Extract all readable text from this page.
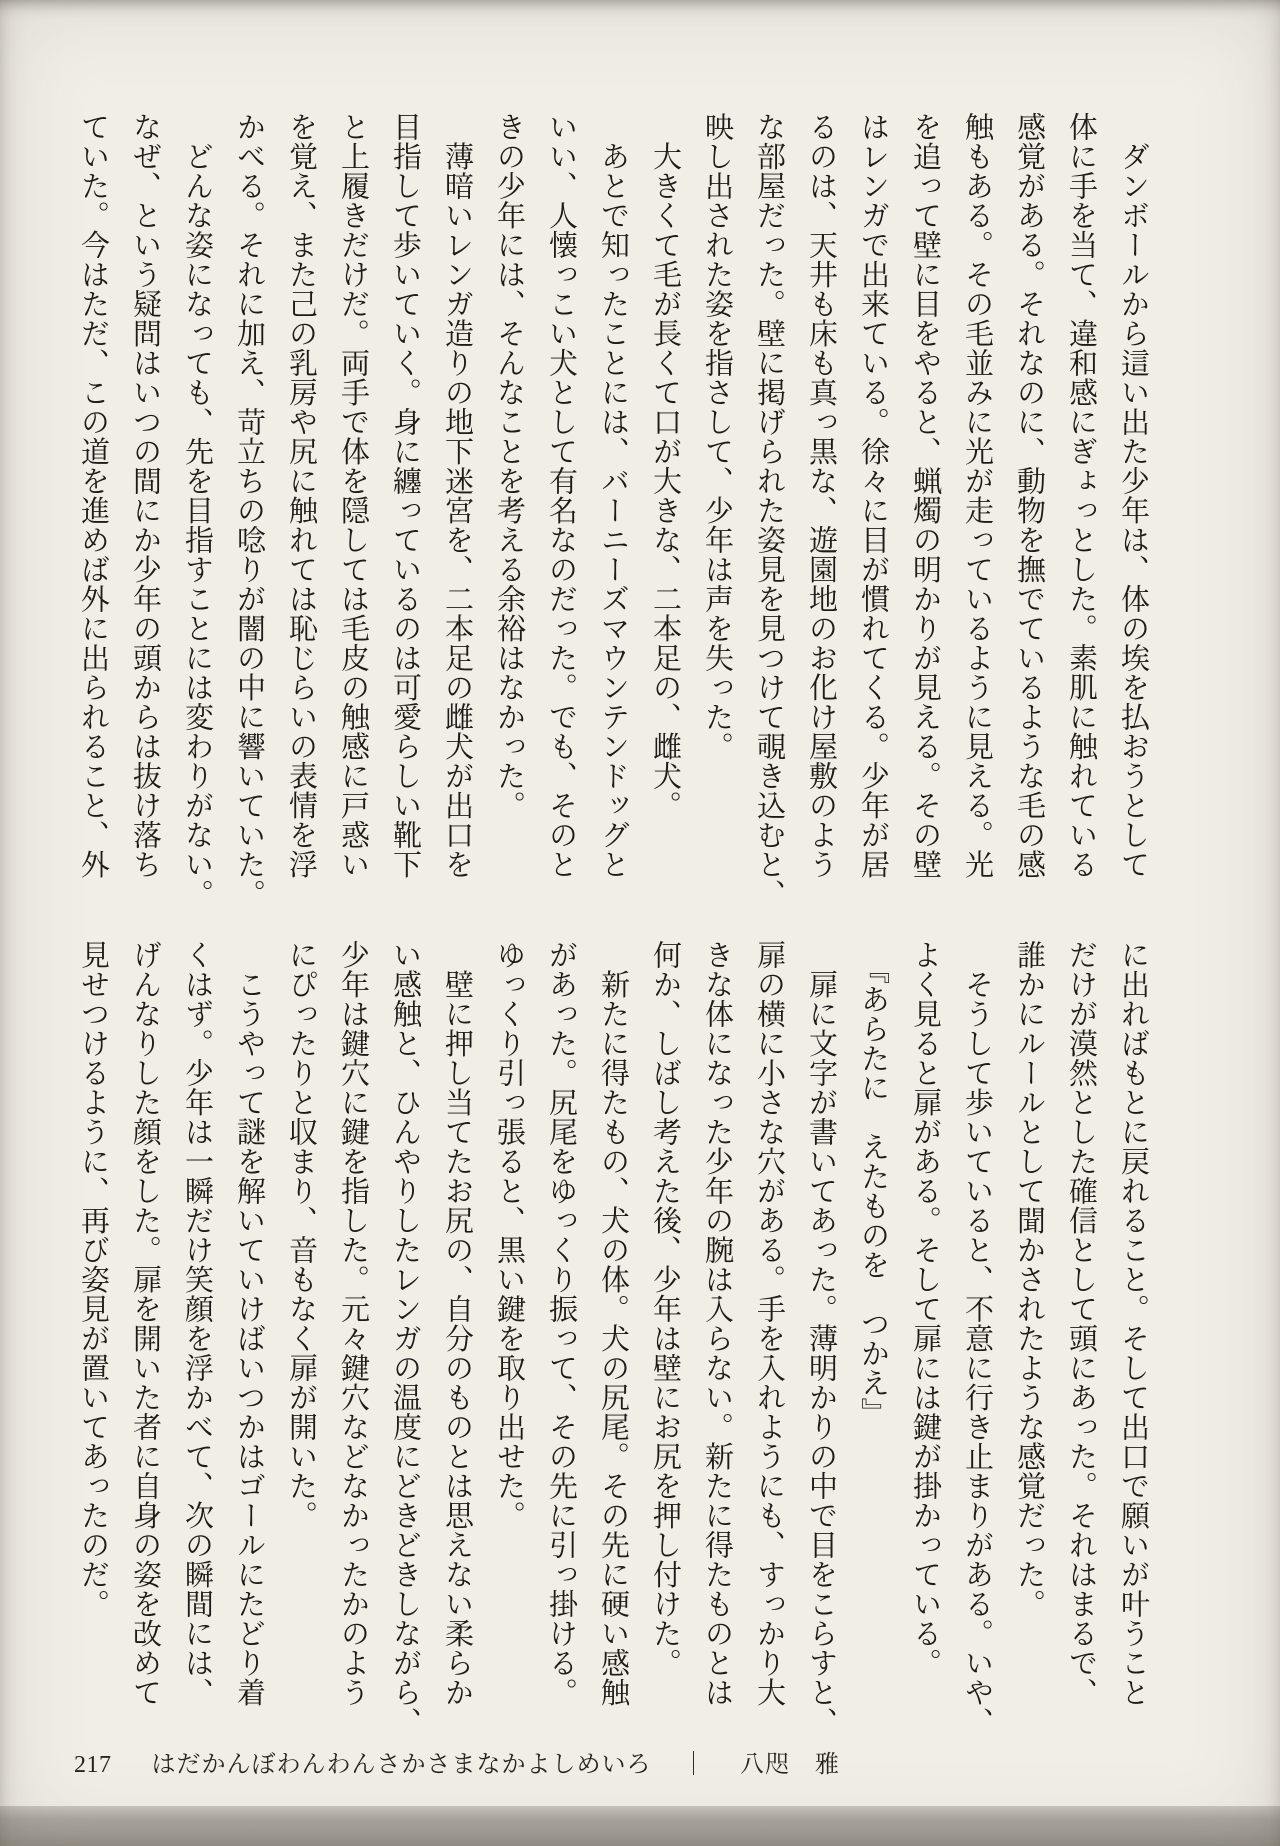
　ダンボールから這い出た少年は、体の埃を払おうとして
体に手を当て、違和感にぎょっとした。素肌に触れている
感覚がある。それなのに、動物を撫でているような毛の感
触もある。その毛並みに光が走っているように見える。光
を追って壁に目をやると、蝋燭の明かりが見える。その壁
はレンガで出来ている。徐々に目が慣れてくる。少年が居
るのは、天井も床も真っ黒な、遊園地のお化け屋敷のよう
な部屋だった。壁に掲げられた姿見を見つけて覗き込むと、
映し出された姿を指さして、少年は声を失った。
　大きくて毛が長くて口が大きな、二本足の、雌犬。
　あとで知ったことには、バーニーズマウンテンドッグと
いい、人懐っこい犬として有名なのだった。でも、そのと
きの少年には、そんなことを考える余裕はなかった。
　薄暗いレンガ造りの地下迷宮を、二本足の雌犬が出口を
目指して歩いていく。身に纏っているのは可愛らしい靴下
と上履きだけだ。両手で体を隠しては毛皮の触感に戸惑い
を覚え、また己の乳房や尻に触れては恥じらいの表情を浮
かべる。それに加え、苛立ちの唸りが闇の中に響いていた。
　どんな姿になっても、先を目指すことには変わりがない。
なぜ、という疑問はいつの間にか少年の頭からは抜け落ち
ていた。今はただ、この道を進めば外に出られること、外
に出ればもとに戻れること。そして出口で願いが叶うこと
だけが漠然とした確信として頭にあった。それはまるで、
誰かにルールとして聞かされたような感覚だった。
　そうして歩いていると、不意に行き止まりがある。いや、
よく見ると扉がある。そして扉には鍵が掛かっている。
　『あらたに　えたものを　つかえ』
　扉に文字が書いてあった。薄明かりの中で目をこらすと、
扉の横に小さな穴がある。手を入れようにも、すっかり大
きな体になった少年の腕は入らない。新たに得たものとは
何か、しばし考えた後、少年は壁にお尻を押し付けた。
　新たに得たもの、犬の体。犬の尻尾。その先に硬い感触
があった。尻尾をゆっくり振って、その先に引っ掛ける。
ゆっくり引っ張ると、黒い鍵を取り出せた。
　壁に押し当てたお尻の、自分のものとは思えない柔らか
い感触と、ひんやりしたレンガの温度にどきどきしながら、
少年は鍵穴に鍵を指した。元々鍵穴などなかったかのよう
にぴったりと収まり、音もなく扉が開いた。
　こうやって謎を解いていけばいつかはゴールにたどり着
くはず。少年は一瞬だけ笑顔を浮かべて、次の瞬間には、
げんなりした顔をした。扉を開いた者に自身の姿を改めて
見せつけるように、再び姿見が置いてあったのだ。
217 はだかんぼわんわんさかさまなかよしめいろ ｜ 八咫　雅
